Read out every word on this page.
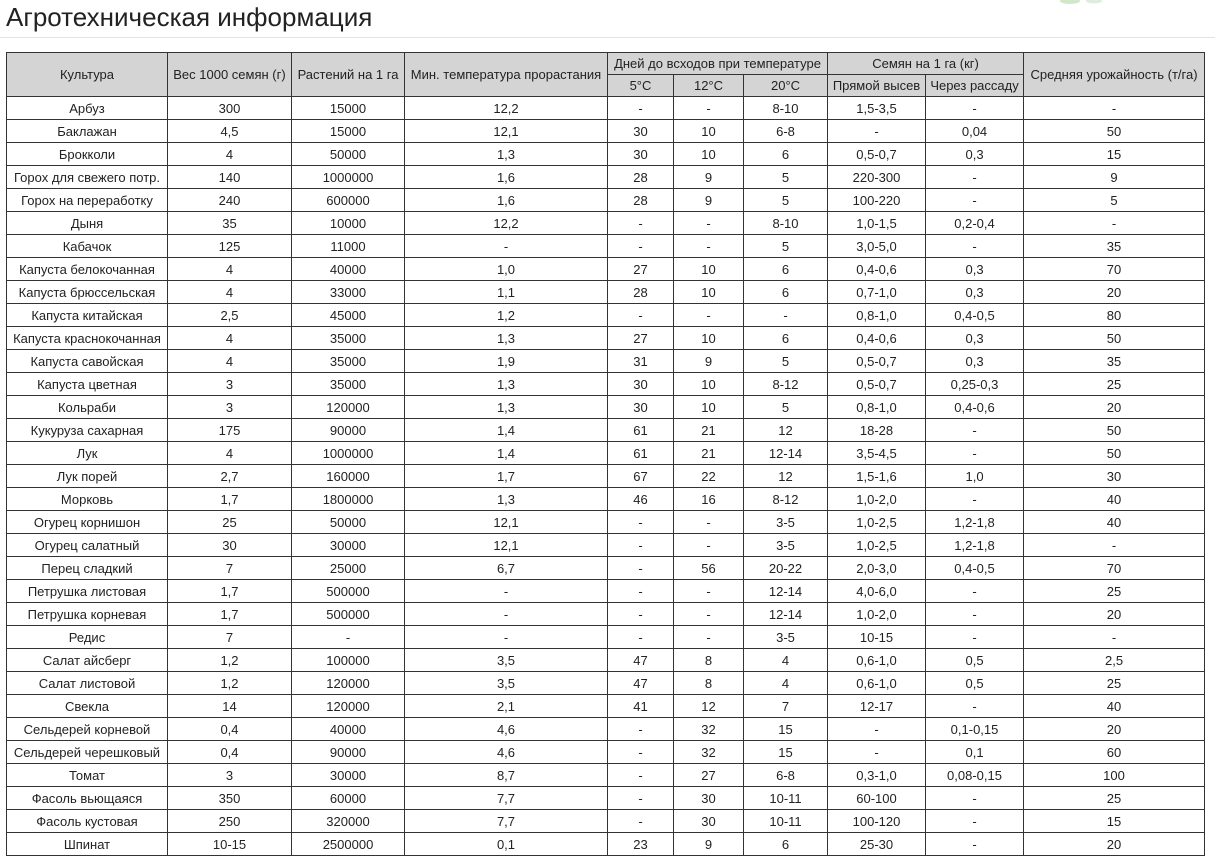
Агротехническая информация
Культура	Вес 1000 семян (г)	Растений на 1 га	Мин. температура прорастания	Дней до всходов при температуре			Семян на 1 га (кг)		Средняя урожайность (т/га)
				5°C	12°C	20°C	Прямой высев	Через рассаду	
Арбуз	300	15000	12,2	-	-	8-10	1,5-3,5	-	-
Баклажан	4,5	15000	12,1	30	10	6-8	-	0,04	50
Брокколи	4	50000	1,3	30	10	6	0,5-0,7	0,3	15
Горох для свежего потр.	140	1000000	1,6	28	9	5	220-300	-	9
Горох на переработку	240	600000	1,6	28	9	5	100-220	-	5
Дыня	35	10000	12,2	-	-	8-10	1,0-1,5	0,2-0,4	-
Кабачок	125	11000	-	-	-	5	3,0-5,0	-	35
Капуста белокочанная	4	40000	1,0	27	10	6	0,4-0,6	0,3	70
Капуста брюссельская	4	33000	1,1	28	10	6	0,7-1,0	0,3	20
Капуста китайская	2,5	45000	1,2	-	-	-	0,8-1,0	0,4-0,5	80
Капуста краснокочанная	4	35000	1,3	27	10	6	0,4-0,6	0,3	50
Капуста савойская	4	35000	1,9	31	9	5	0,5-0,7	0,3	35
Капуста цветная	3	35000	1,3	30	10	8-12	0,5-0,7	0,25-0,3	25
Кольраби	3	120000	1,3	30	10	5	0,8-1,0	0,4-0,6	20
Кукуруза сахарная	175	90000	1,4	61	21	12	18-28	-	50
Лук	4	1000000	1,4	61	21	12-14	3,5-4,5	-	50
Лук порей	2,7	160000	1,7	67	22	12	1,5-1,6	1,0	30
Морковь	1,7	1800000	1,3	46	16	8-12	1,0-2,0	-	40
Огурец корнишон	25	50000	12,1	-	-	3-5	1,0-2,5	1,2-1,8	40
Огурец салатный	30	30000	12,1	-	-	3-5	1,0-2,5	1,2-1,8	-
Перец сладкий	7	25000	6,7	-	56	20-22	2,0-3,0	0,4-0,5	70
Петрушка листовая	1,7	500000	-	-	-	12-14	4,0-6,0	-	25
Петрушка корневая	1,7	500000	-	-	-	12-14	1,0-2,0	-	20
Редис	7	-	-	-	-	3-5	10-15	-	-
Салат айсберг	1,2	100000	3,5	47	8	4	0,6-1,0	0,5	2,5
Салат листовой	1,2	120000	3,5	47	8	4	0,6-1,0	0,5	25
Свекла	14	120000	2,1	41	12	7	12-17	-	40
Сельдерей корневой	0,4	40000	4,6	-	32	15	-	0,1-0,15	20
Сельдерей черешковый	0,4	90000	4,6	-	32	15	-	0,1	60
Томат	3	30000	8,7	-	27	6-8	0,3-1,0	0,08-0,15	100
Фасоль вьющаяся	350	60000	7,7	-	30	10-11	60-100	-	25
Фасоль кустовая	250	320000	7,7	-	30	10-11	100-120	-	15
Шпинат	10-15	2500000	0,1	23	9	6	25-30	-	20
